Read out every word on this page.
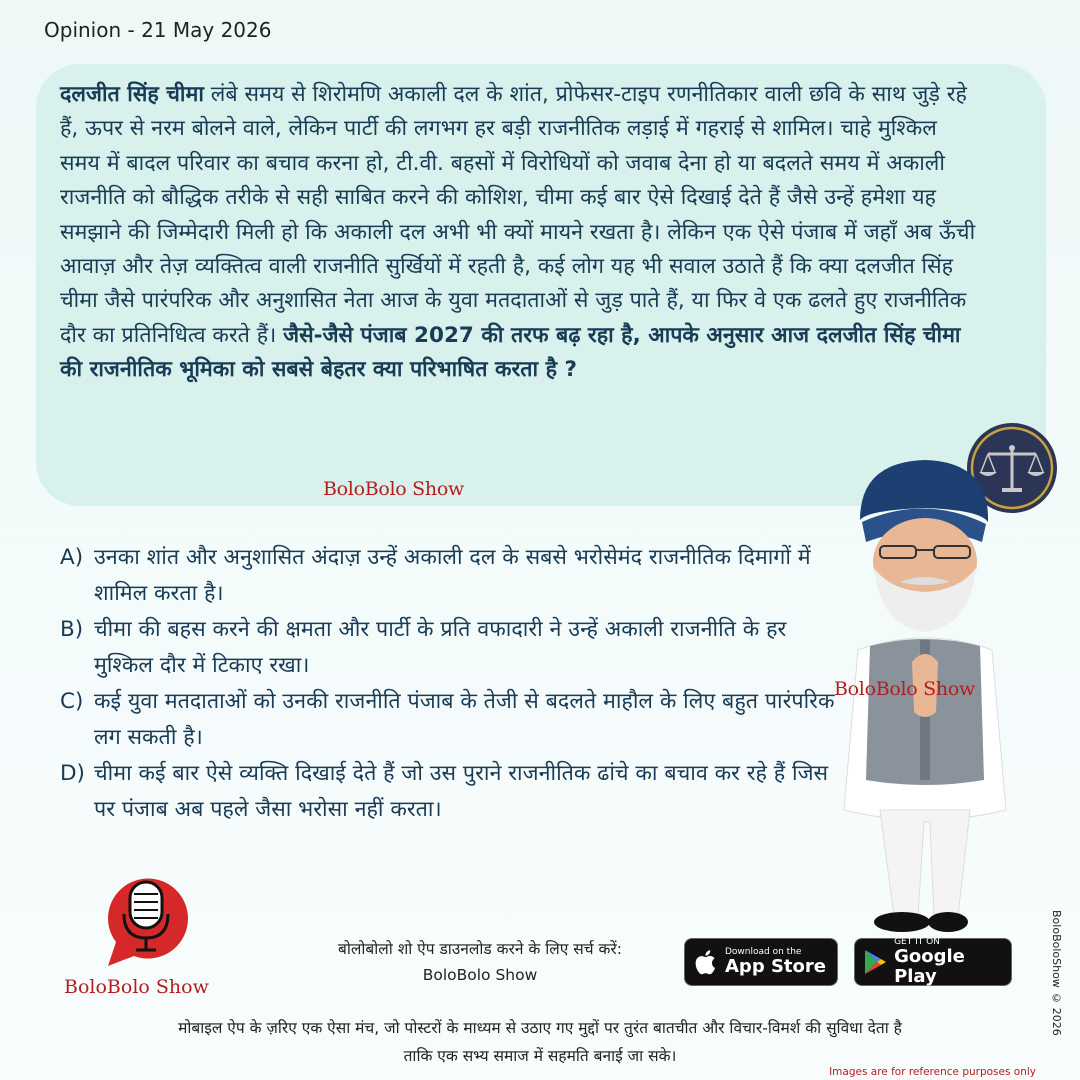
Opinion - 21 May 2026
दलजीत सिंह चीमा लंबे समय से शिरोमणि अकाली दल के शांत, प्रोफेसर-टाइप रणनीतिकार वाली छवि के साथ जुड़े रहे हैं, ऊपर से नरम बोलने वाले, लेकिन पार्टी की लगभग हर बड़ी राजनीतिक लड़ाई में गहराई से शामिल। चाहे मुश्किल समय में बादल परिवार का बचाव करना हो, टी.वी. बहसों में विरोधियों को जवाब देना हो या बदलते समय में अकाली राजनीति को बौद्धिक तरीके से सही साबित करने की कोशिश, चीमा कई बार ऐसे दिखाई देते हैं जैसे उन्हें हमेशा यह समझाने की जिम्मेदारी मिली हो कि अकाली दल अभी भी क्यों मायने रखता है। लेकिन एक ऐसे पंजाब में जहाँ अब ऊँची आवाज़ और तेज़ व्यक्तित्व वाली राजनीति सुर्खियों में रहती है, कई लोग यह भी सवाल उठाते हैं कि क्या दलजीत सिंह चीमा जैसे पारंपरिक और अनुशासित नेता आज के युवा मतदाताओं से जुड़ पाते हैं, या फिर वे एक ढलते हुए राजनीतिक दौर का प्रतिनिधित्व करते हैं। जैसे-जैसे पंजाब 2027 की तरफ बढ़ रहा है, आपके अनुसार आज दलजीत सिंह चीमा की राजनीतिक भूमिका को सबसे बेहतर क्या परिभाषित करता है ?
BoloBolo Show
A) उनका शांत और अनुशासित अंदाज़ उन्हें अकाली दल के सबसे भरोसेमंद राजनीतिक दिमागों में शामिल करता है।
B) चीमा की बहस करने की क्षमता और पार्टी के प्रति वफादारी ने उन्हें अकाली राजनीति के हर मुश्किल दौर में टिकाए रखा।
C) कई युवा मतदाताओं को उनकी राजनीति पंजाब के तेजी से बदलते माहौल के लिए बहुत पारंपरिक लग सकती है।
D) चीमा कई बार ऐसे व्यक्ति दिखाई देते हैं जो उस पुराने राजनीतिक ढांचे का बचाव कर रहे हैं जिस पर पंजाब अब पहले जैसा भरोसा नहीं करता।
BoloBolo Show
BoloBolo Show
बोलोबोलो शो ऐप डाउनलोड करने के लिए सर्च करें:
BoloBolo Show
Download on the
App Store
GET IT ON
Google Play
मोबाइल ऐप के ज़रिए एक ऐसा मंच, जो पोस्टरों के माध्यम से उठाए गए मुद्दों पर तुरंत बातचीत और विचार-विमर्श की सुविधा देता है
ताकि एक सभ्य समाज में सहमति बनाई जा सके।
Images are for reference purposes only
BoloBoloShow © 2026
